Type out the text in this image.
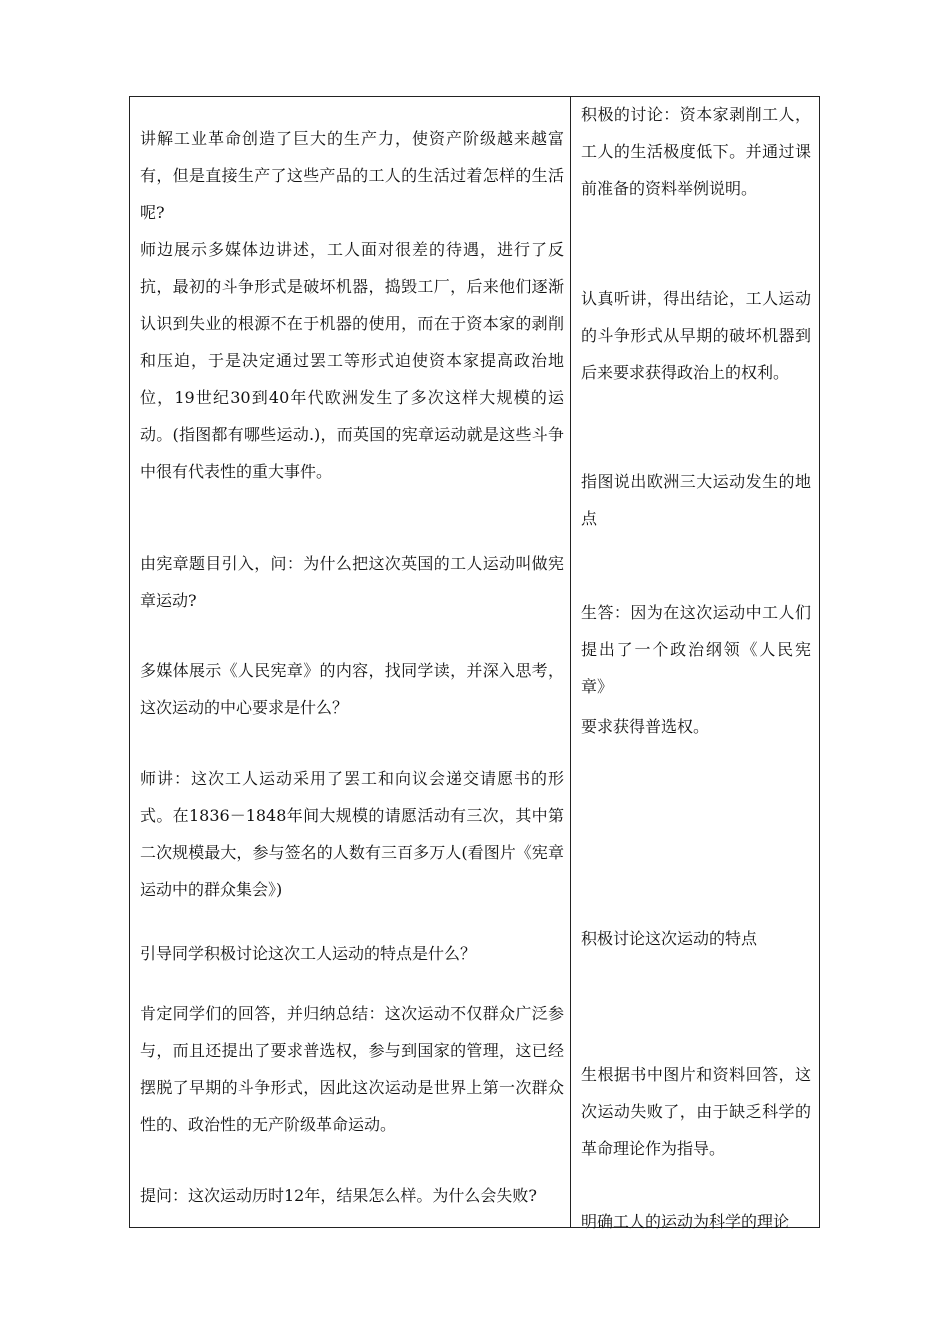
讲解工业革命创造了巨大的生产力，使资产阶级越来越富有，但是直接生产了这些产品的工人的生活过着怎样的生活呢?

师边展示多媒体边讲述，工人面对很差的待遇，进行了反抗，最初的斗争形式是破坏机器，捣毁工厂，后来他们逐渐认识到失业的根源不在于机器的使用，而在于资本家的剥削和压迫，于是决定通过罢工等形式迫使资本家提高政治地位，19世纪30到40年代欧洲发生了多次这样大规模的运动。(指图都有哪些运动.)，而英国的宪章运动就是这些斗争中很有代表性的重大事件。

由宪章题目引入，问：为什么把这次英国的工人运动叫做宪章运动?

多媒体展示《人民宪章》的内容，找同学读，并深入思考，这次运动的中心要求是什么？

师讲：这次工人运动采用了罢工和向议会递交请愿书的形式。在1836－1848年间大规模的请愿活动有三次，其中第二次规模最大，参与签名的人数有三百多万人(看图片《宪章运动中的群众集会》)

引导同学积极讨论这次工人运动的特点是什么？

肯定同学们的回答，并归纳总结：这次运动不仅群众广泛参与，而且还提出了要求普选权，参与到国家的管理，这已经摆脱了早期的斗争形式，因此这次运动是世界上第一次群众性的、政治性的无产阶级革命运动。

提问：这次运动历时12年，结果怎么样。为什么会失败?

积极的讨论：资本家剥削工人，工人的生活极度低下。并通过课前准备的资料举例说明。

认真听讲，得出结论，工人运动的斗争形式从早期的破坏机器到后来要求获得政治上的权利。

指图说出欧洲三大运动发生的地点

生答：因为在这次运动中工人们提出了一个政治纲领《人民宪章》

要求获得普选权。

积极讨论这次运动的特点

生根据书中图片和资料回答，这次运动失败了，由于缺乏科学的革命理论作为指导。

明确工人的运动为科学的理论
